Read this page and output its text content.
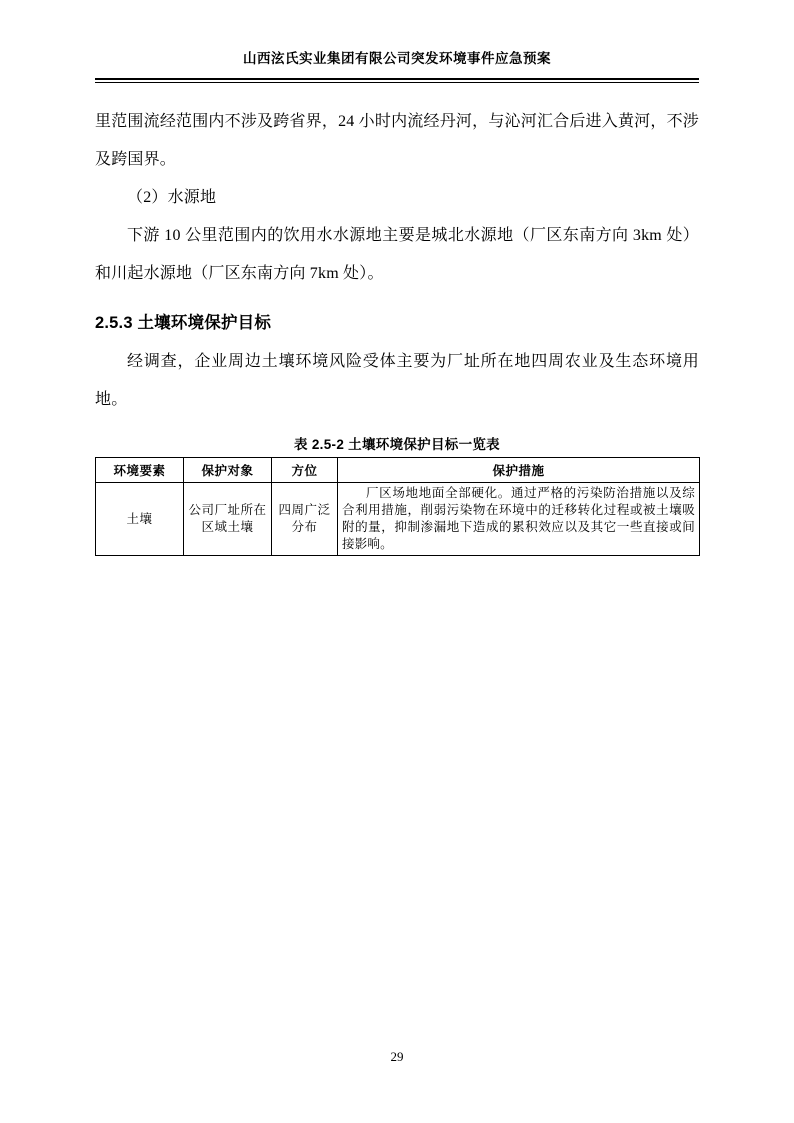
山西泫氏实业集团有限公司突发环境事件应急预案

里范围流经范围内不涉及跨省界，24 小时内流经丹河，与沁河汇合后进入黄河，不涉及跨国界。

（2）水源地

下游 10 公里范围内的饮用水水源地主要是城北水源地（厂区东南方向 3km 处）和川起水源地（厂区东南方向 7km 处）。

2.5.3 土壤环境保护目标

经调查，企业周边土壤环境风险受体主要为厂址所在地四周农业及生态环境用地。

表 2.5-2 土壤环境保护目标一览表
环境要素	保护对象	方位	保护措施
土壤	公司厂址所在区域土壤	四周广泛分布	厂区场地地面全部硬化。通过严格的污染防治措施以及综合利用措施，削弱污染物在环境中的迁移转化过程或被土壤吸附的量，抑制渗漏地下造成的累积效应以及其它一些直接或间接影响。
29
